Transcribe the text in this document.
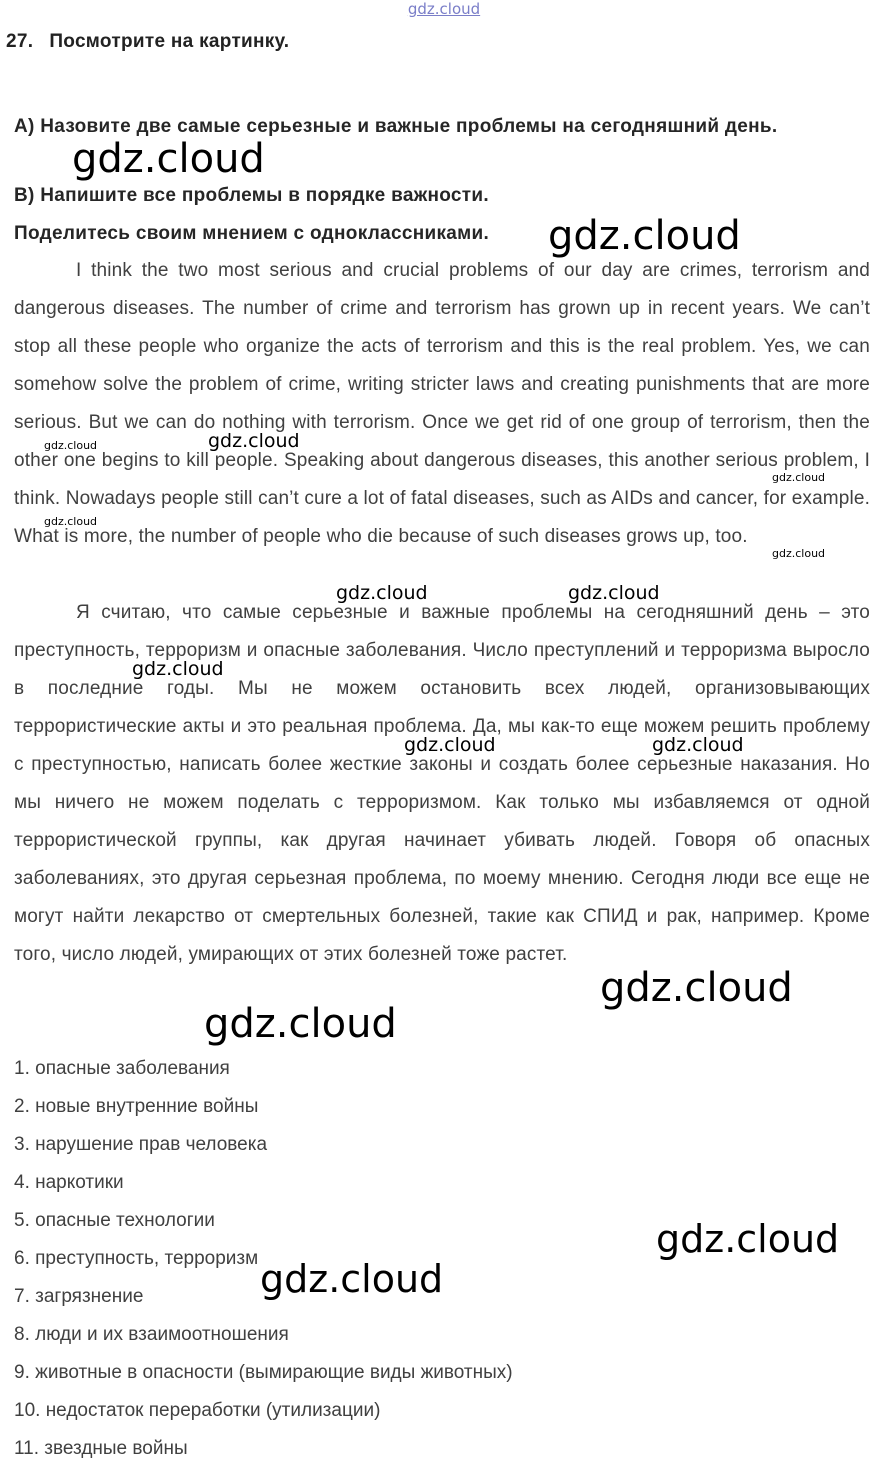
gdz.cloud
27. Посмотрите на картинку.
А) Назовите две самые серьезные и важные проблемы на сегодняшний день.
В) Напишите все проблемы в порядке важности.
Поделитесь своим мнением с одноклассниками.
I think the two most serious and crucial problems of our day are crimes, terrorism and dangerous diseases. The number of crime and terrorism has grown up in recent years. We can’t stop all these people who organize the acts of terrorism and this is the real problem. Yes, we can somehow solve the problem of crime, writing stricter laws and creating punishments that are more serious. But we can do nothing with terrorism. Once we get rid of one group of terrorism, then the other one begins to kill people. Speaking about dangerous diseases, this another serious problem, I think. Nowadays people still can’t cure a lot of fatal diseases, such as AIDs and cancer, for example. What is more, the number of people who die because of such diseases grows up, too.
Я считаю, что самые серьезные и важные проблемы на сегодняшний день – это преступность, терроризм и опасные заболевания. Число преступлений и терроризма выросло в последние годы. Мы не можем остановить всех людей, организовывающих террористические акты и это реальная проблема. Да, мы как-то еще можем решить проблему с преступностью, написать более жесткие законы и создать более серьезные наказания. Но мы ничего не можем поделать с терроризмом. Как только мы избавляемся от одной террористической группы, как другая начинает убивать людей. Говоря об опасных заболеваниях, это другая серьезная проблема, по моему мнению. Сегодня люди все еще не могут найти лекарство от смертельных болезней, такие как СПИД и рак, например. Кроме того, число людей, умирающих от этих болезней тоже растет.
1. опасные заболевания
2. новые внутренние войны
3. нарушение прав человека
4. наркотики
5. опасные технологии
6. преступность, терроризм
7. загрязнение
8. люди и их взаимоотношения
9. животные в опасности (вымирающие виды животных)
10. недостаток переработки (утилизации)
11. звездные войны
gdz.cloud
gdz.cloud
gdz.cloud
gdz.cloud
gdz.cloud
gdz.cloud
gdz.cloud
gdz.cloud	gdz.cloud
gdz.cloud
gdz.cloud	gdz.cloud
gdz.cloud
gdz.cloud
gdz.cloud
gdz.cloud
